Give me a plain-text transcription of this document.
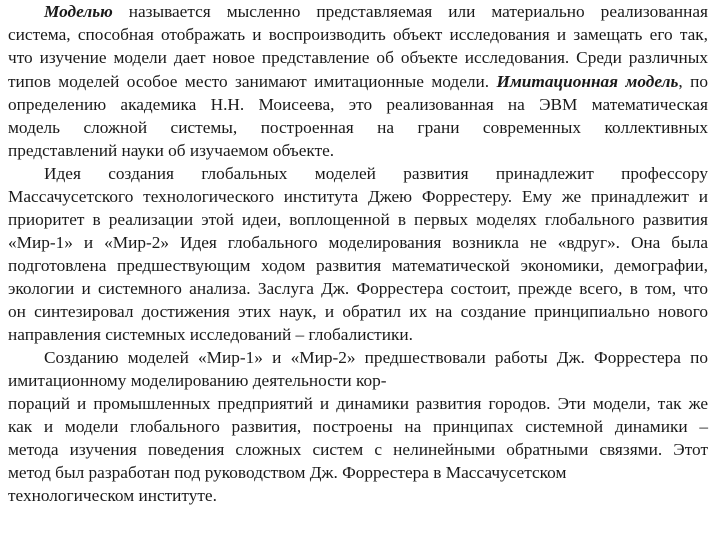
Моделью называется мысленно представляемая или материально реализованная
система, способная отображать и воспроизводить объект исследования и замещать его так,
что изучение модели дает новое представление об объекте исследования. Среди различных
типов моделей особое место занимают имитационные модели. Имитационная модель, по
определению академика Н.Н. Моисеева, это реализованная на ЭВМ математическая
модель сложной системы, построенная на грани современных коллективных
представлений науки об изучаемом объекте.
Идея создания глобальных моделей развития принадлежит профессору
Массачусетского технологического института Джею Форрестеру. Ему же принадлежит и
приоритет в реализации этой идеи, воплощенной в первых моделях глобального развития
«Мир-1» и «Мир-2» Идея глобального моделирования возникла не «вдруг». Она была
подготовлена предшествующим ходом развития математической экономики, демографии,
экологии и системного анализа. Заслуга Дж. Форрестера состоит, прежде всего, в том, что
он синтезировал достижения этих наук, и обратил их на создание принципиально нового
направления системных исследований – глобалистики.
Созданию моделей «Мир-1» и «Мир-2» предшествовали работы Дж. Форрестера по
имитационному моделированию деятельности кор-
пораций и промышленных предприятий и динамики развития городов. Эти модели, так же
как и модели глобального развития, построены на принципах системной динамики –
метода изучения поведения сложных систем с нелинейными обратными связями. Этот
метод был разработан под руководством Дж. Форрестера в Массачусетском
технологическом институте.
